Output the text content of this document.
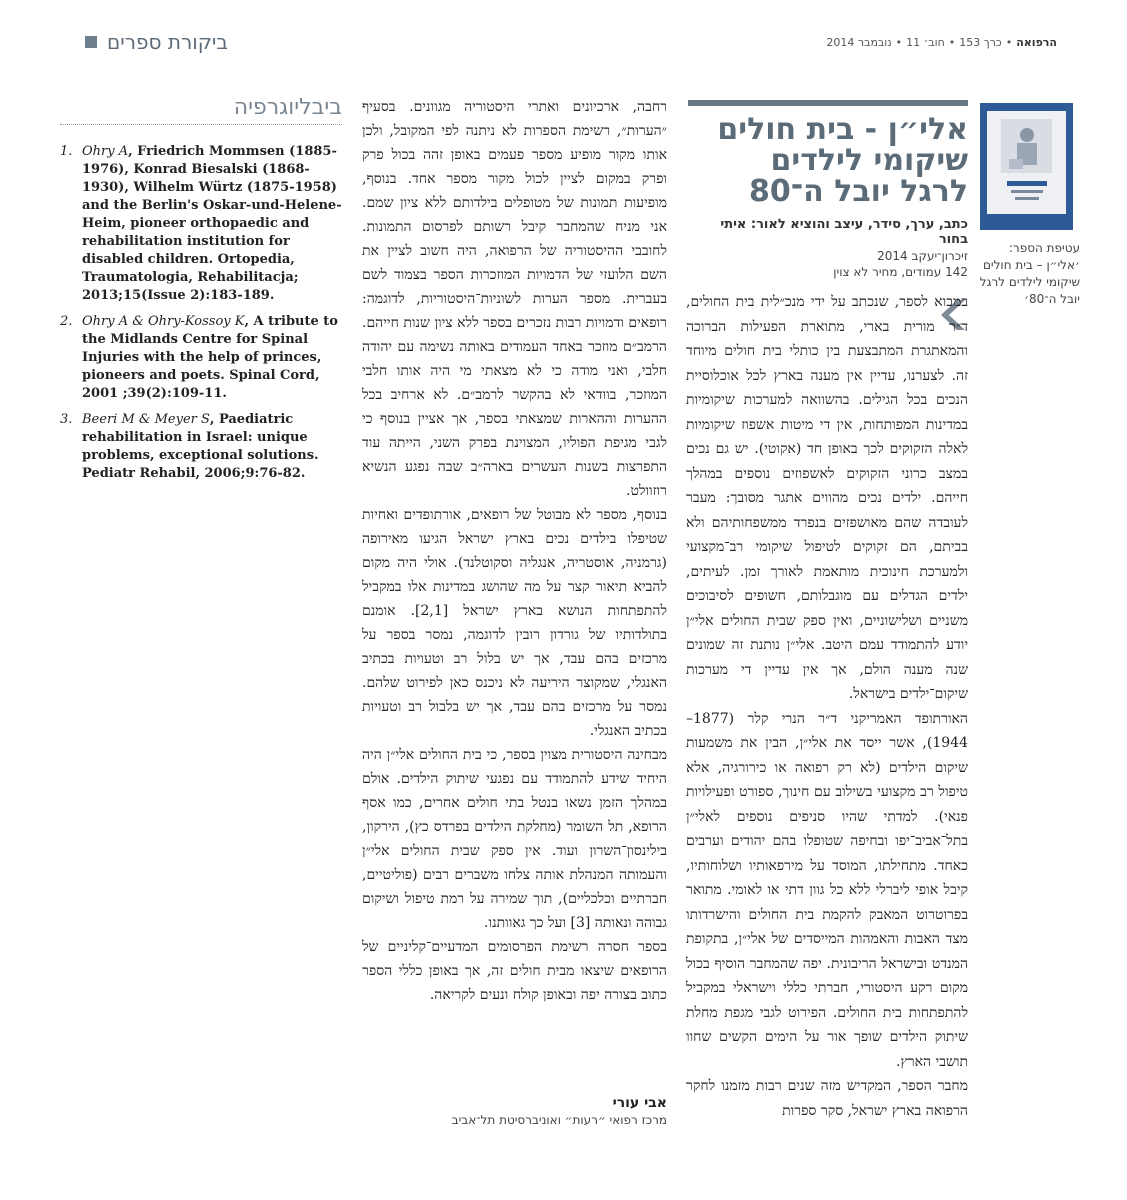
ביקורת ספרים	הרפואה•כרך 153•חוב׳ 11•נובמבר 2014
ביבליוגרפיה
1. Ohry A, Friedrich Mommsen (1885-1976), Konrad Biesalski (1868-1930), Wilhelm Würtz (1875-1958) and the Berlin's Oskar-und-Helene-Heim, pioneer orthopaedic and rehabilitation institution for disabled children. Ortopedia, Traumatologia, Rehabilitacja; 2013;15(Issue 2):183-189.
2. Ohry A & Ohry-Kossoy K, A tribute to the Midlands Centre for Spinal Injuries with the help of princes, pioneers and poets. Spinal Cord, 2001 ;39(2):109-11.
3. Beeri M & Meyer S, Paediatric rehabilitation in Israel: unique problems, exceptional solutions. Pediatr Rehabil, 2006;9:76-82.

רחבה, ארכיונים ואתרי היסטוריה מגוונים. בסעיף ״הערות״, רשימת הספרות לא ניתנה לפי המקובל, ולכן אותו מקור מופיע מספר פעמים באופן זהה בכול פרק ופרק במקום לציין לכול מקור מספר אחד. בנוסף, מופיעות תמונות של מטופלים בילדותם ללא ציון שמם. אני מניח שהמחבר קיבל רשותם לפרסום התמונות. לחובבי ההיסטוריה של הרפואה, היה חשוב לציין את השם הלועזי של הדמויות המוזכרות הספר בצמוד לשם בעברית. מספר הערות לשוניות־היסטוריות, לדוגמה: רופאים ודמויות רבות נזכרים בספר ללא ציון שנות חייהם. הרמב״ם מוזכר באחד העמודים באותה נשימה עם יהודה חלבי, ואני מודה כי לא מצאתי מי היה אותו חלבי המוזכר, בוודאי לא בהקשר לרמב״ם. לא ארחיב בכל ההערות וההארות שמצאתי בספר, אך אציין בנוסף כי לגבי מגיפת הפוליו, המצוינת בפרק השני, הייתה עוד התפרצות בשנות העשרים בארה״ב שבה נפגע הנשיא רוזוולט.

בנוסף, מספר לא מבוטל של רופאים, אורתופדים ואחיות שטיפלו בילדים נכים בארץ ישראל הגיעו מאירופה (גרמניה, אוסטריה, אנגליה וסקוטלנד). אולי היה מקום להביא תיאור קצר על מה שהושג במדינות אלו במקביל להתפתחות הנושא בארץ ישראל [2,1]. אומנם בתולדותיו של גורדון רובין לדוגמה, נמסר בספר על מרכזים בהם עבד, אך יש בלול רב וטעויות בכתיב האנגלי, שמקוצר היריעה לא ניכנס כאן לפירוט שלהם. נמסר על מרכזים בהם עבד, אך יש בלבול רב וטעויות בכתיב האנגלי.

מבחינה היסטורית מצוין בספר, כי בית החולים אלי״ן היה היחיד שידע להתמודד עם נפגעי שיתוק הילדים. אולם במהלך הזמן נשאו בנטל בתי חולים אחרים, כמו אסף הרופא, תל השומר (מחלקת הילדים בפרדס כץ), הירקון, בילינסון־השרון ועוד. אין ספק שבית החולים אלי״ן והעמותה המנהלת אותה צלחו משברים רבים (פוליטיים, חברתיים וכלכליים), תוך שמירה על רמת טיפול ושיקום גבוהה ונאותה [3] ועל כך גאוותנו.

בספר חסרה רשימת הפרסומים המדעיים־קליניים של הרופאים שיצאו מבית חולים זה, אך באופן כללי הספר כתוב בצורה יפה ובאופן קולח ונעים לקריאה.

אבי עורי
מרכז רפואי ״רעות״ ואוניברסיטת תל־אביב
אלי״ן - בית חולים
שיקומי לילדים
לרגל יובל ה־80
כתב, ערך, סידר, עיצב והוציא לאור: איתי בחור
זיכרון־יעקב 2014
142 עמודים, מחיר לא צוין
עטיפת הספר: ׳אלי״ן – בית חולים שיקומי לילדים לרגל יובל ה־80׳

במבוא לספר, שנכתב על ידי מנכ״לית בית החולים, ד״ר מורית בארי, מתוארת הפעילות הברוכה והמאתגרת המתבצעת בין כותלי בית חולים מיוחד זה. לצערנו, עדיין אין מענה בארץ לכל אוכלוסיית הנכים בכל הגילים. בהשוואה למערכות שיקומיות במדינות המפותחות, אין די מיטות אשפוז שיקומיות לאלה הזקוקים לכך באופן חד (אקוטי). יש גם נכים במצב כרוני הזקוקים לאשפוזים נוספים במהלך חייהם. ילדים נכים מהווים אתגר מסובך: מעבר לעובדה שהם מאושפזים בנפרד ממשפחותיהם ולא בביתם, הם זקוקים לטיפול שיקומי רב־מקצועי ולמערכת חינוכית מותאמת לאורך זמן. לעיתים, ילדים הגדלים עם מוגבלותם, חשופים לסיבוכים משניים ושלישוניים, ואין ספק שבית החולים אלי״ן יודע להתמודד עמם היטב. אלי״ן נותנת זה שמונים שנה מענה הולם, אך אין עדיין די מערכות שיקום־ילדים בישראל.

האורתופד האמריקני ד״ר הנרי קלר (1877–1944), אשר ייסד את אלי״ן, הבין את משמעות שיקום הילדים (לא רק רפואה או כירורגיה, אלא טיפול רב מקצועי בשילוב עם חינוך, ספורט ופעילויות פנאי). למדתי שהיו סניפים נוספים לאלי״ן בתל־אביב־יפו ובחיפה שטופלו בהם יהודים וערבים כאחד. מתחילתו, המוסד על מירפאותיו ושלוחותיו, קיבל אופי ליברלי ללא כל גוון דתי או לאומי. מתואר בפרוטרוט המאבק להקמת בית החולים והישרדותו מצד האבות והאמהות המייסדים של אלי״ן, בתקופת המנדט ובישראל הריבונית. יפה שהמחבר הוסיף בכול מקום רקע היסטורי, חברתי כללי וישראלי במקביל להתפתחות בית החולים. הפירוט לגבי מגפת מחלת שיתוק הילדים שופך אור על הימים הקשים שחוו תושבי הארץ.

מחבר הספר, המקדיש מזה שנים רבות מזמנו לחקר הרפואה בארץ ישראל, סקר ספרות
